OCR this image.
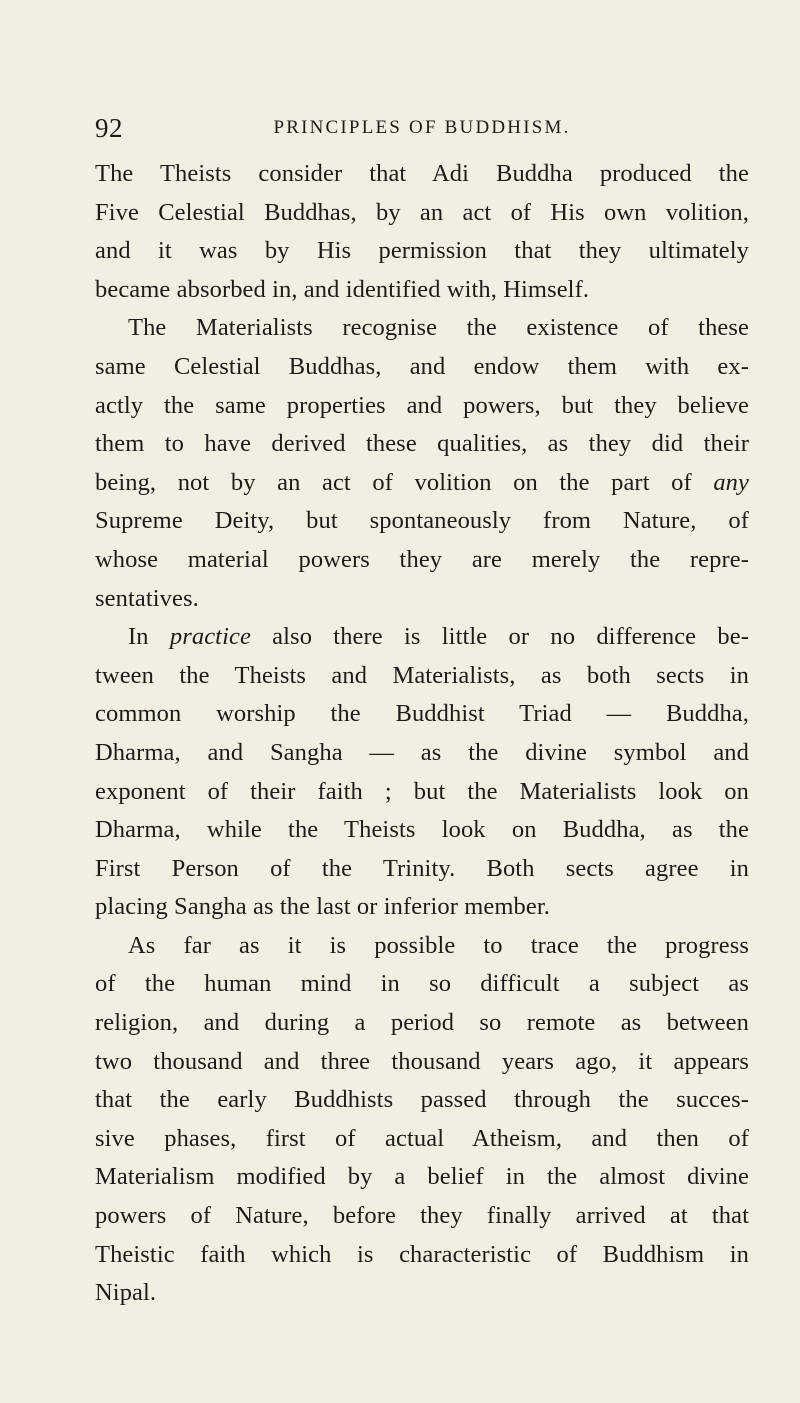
92	PRINCIPLES OF BUDDHISM.
The Theists consider that Adi Buddha produced the
Five Celestial Buddhas, by an act of His own volition,
and it was by His permission that they ultimately
became absorbed in, and identified with, Himself.
The Materialists recognise the existence of these
same Celestial Buddhas, and endow them with ex-
actly the same properties and powers, but they believe
them to have derived these qualities, as they did their
being, not by an act of volition on the part of any
Supreme Deity, but spontaneously from Nature, of
whose material powers they are merely the repre-
sentatives.
In practice also there is little or no difference be-
tween the Theists and Materialists, as both sects in
common worship the Buddhist Triad — Buddha,
Dharma, and Sangha — as the divine symbol and
exponent of their faith ; but the Materialists look on
Dharma, while the Theists look on Buddha, as the
First Person of the Trinity. Both sects agree in
placing Sangha as the last or inferior member.
As far as it is possible to trace the progress
of the human mind in so difficult a subject as
religion, and during a period so remote as between
two thousand and three thousand years ago, it appears
that the early Buddhists passed through the succes-
sive phases, first of actual Atheism, and then of
Materialism modified by a belief in the almost divine
powers of Nature, before they finally arrived at that
Theistic faith which is characteristic of Buddhism in
Nipal.
